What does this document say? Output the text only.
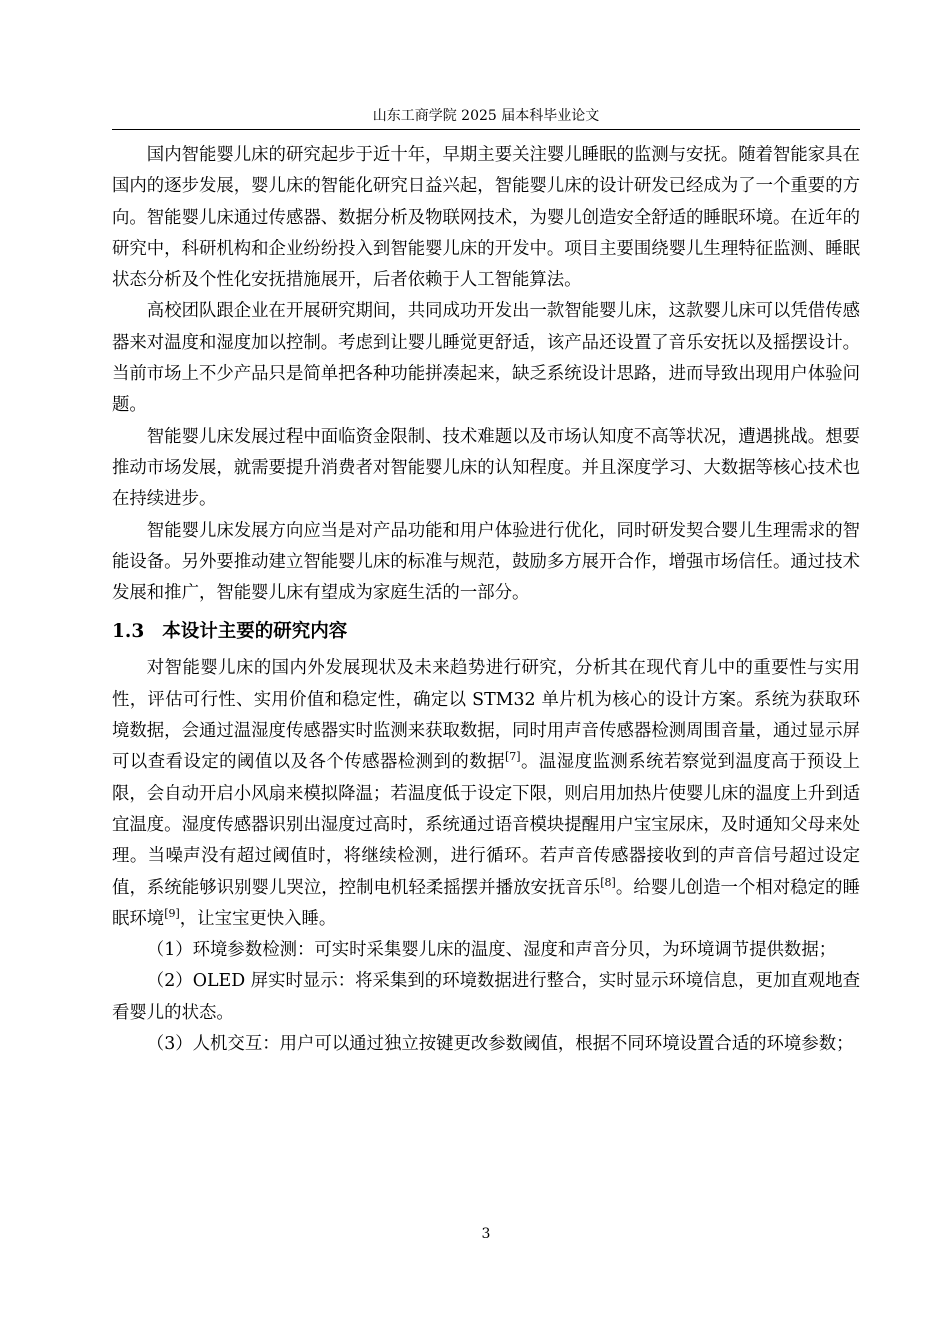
山东工商学院 2025 届本科毕业论文

国内智能婴儿床的研究起步于近十年，早期主要关注婴儿睡眠的监测与安抚。随着智能家具在国内的逐步发展，婴儿床的智能化研究日益兴起，智能婴儿床的设计研发已经成为了一个重要的方向。智能婴儿床通过传感器、数据分析及物联网技术，为婴儿创造安全舒适的睡眠环境。在近年的研究中，科研机构和企业纷纷投入到智能婴儿床的开发中。项目主要围绕婴儿生理特征监测、睡眠状态分析及个性化安抚措施展开，后者依赖于人工智能算法。

高校团队跟企业在开展研究期间，共同成功开发出一款智能婴儿床，这款婴儿床可以凭借传感器来对温度和湿度加以控制。考虑到让婴儿睡觉更舒适，该产品还设置了音乐安抚以及摇摆设计。当前市场上不少产品只是简单把各种功能拼凑起来，缺乏系统设计思路，进而导致出现用户体验问题。

智能婴儿床发展过程中面临资金限制、技术难题以及市场认知度不高等状况，遭遇挑战。想要推动市场发展，就需要提升消费者对智能婴儿床的认知程度。并且深度学习、大数据等核心技术也在持续进步。

智能婴儿床发展方向应当是对产品功能和用户体验进行优化，同时研发契合婴儿生理需求的智能设备。另外要推动建立智能婴儿床的标准与规范，鼓励多方展开合作，增强市场信任。通过技术发展和推广，智能婴儿床有望成为家庭生活的一部分。

1.3 本设计主要的研究内容

对智能婴儿床的国内外发展现状及未来趋势进行研究，分析其在现代育儿中的重要性与实用性，评估可行性、实用价值和稳定性，确定以 STM32 单片机为核心的设计方案。系统为获取环境数据，会通过温湿度传感器实时监测来获取数据，同时用声音传感器检测周围音量，通过显示屏可以查看设定的阈值以及各个传感器检测到的数据[7]。温湿度监测系统若察觉到温度高于预设上限，会自动开启小风扇来模拟降温；若温度低于设定下限，则启用加热片使婴儿床的温度上升到适宜温度。湿度传感器识别出湿度过高时，系统通过语音模块提醒用户宝宝尿床，及时通知父母来处理。当噪声没有超过阈值时，将继续检测，进行循环。若声音传感器接收到的声音信号超过设定值，系统能够识别婴儿哭泣，控制电机轻柔摇摆并播放安抚音乐[8]。给婴儿创造一个相对稳定的睡眠环境[9]，让宝宝更快入睡。

（1）环境参数检测：可实时采集婴儿床的温度、湿度和声音分贝，为环境调节提供数据；

（2）OLED 屏实时显示：将采集到的环境数据进行整合，实时显示环境信息，更加直观地查看婴儿的状态。

（3）人机交互：用户可以通过独立按键更改参数阈值，根据不同环境设置合适的环境参数；

3
